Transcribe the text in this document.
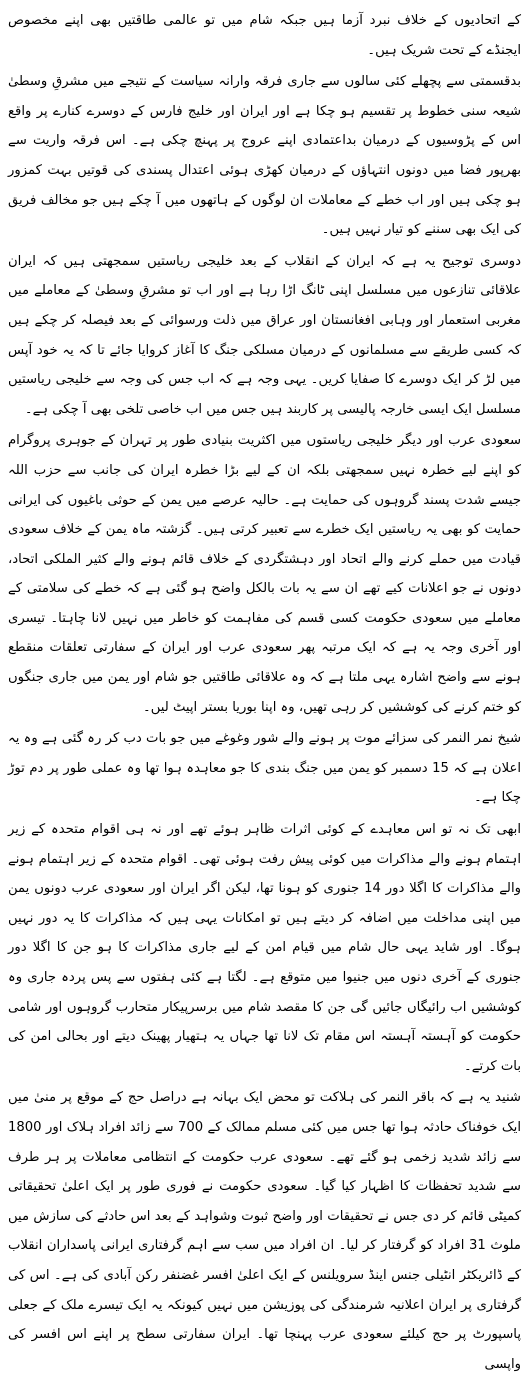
کے اتحادیوں کے خلاف نبرد آزما ہیں جبکہ شام میں تو عالمی طاقتیں بھی اپنے مخصوص ایجنڈے کے تحت شریک ہیں۔

بدقسمتی سے پچھلے کئی سالوں سے جاری فرقہ وارانہ سیاست کے نتیجے میں مشرقِ وسطیٰ شیعہ سنی خطوط پر تقسیم ہو چکا ہے اور ایران اور خلیج فارس کے دوسرے کنارے پر واقع اس کے پڑوسیوں کے درمیان بداعتمادی اپنے عروج پر پہنچ چکی ہے۔ اس فرقہ واریت سے بھرپور فضا میں دونوں انتہاؤں کے درمیان کھڑی ہوئی اعتدال پسندی کی قوتیں بہت کمزور ہو چکی ہیں اور اب خطے کے معاملات ان لوگوں کے ہاتھوں میں آ چکے ہیں جو مخالف فریق کی ایک بھی سننے کو تیار نہیں ہیں۔

دوسری توجیح یہ ہے کہ ایران کے انقلاب کے بعد خلیجی ریاستیں سمجھتی ہیں کہ ایران علاقائی تنازعوں میں مسلسل اپنی ٹانگ اڑا رہا ہے اور اب تو مشرقِ وسطیٰ کے معاملے میں مغربی استعمار اور وہابی افغانستان اور عراق میں ذلت ورسوائی کے بعد فیصلہ کر چکے ہیں کہ کسی طریقے سے مسلمانوں کے درمیان مسلکی جنگ کا آغاز کروایا جائے تا کہ یہ خود آپس میں لڑ کر ایک دوسرے کا صفایا کریں۔ یہی وجہ ہے کہ اب جس کی وجہ سے خلیجی ریاستیں مسلسل ایک ایسی خارجہ پالیسی پر کاربند ہیں جس میں اب خاصی تلخی بھی آ چکی ہے۔

سعودی عرب اور دیگر خلیجی ریاستوں میں اکثریت بنیادی طور پر تہران کے جوہری پروگرام کو اپنے لیے خطرہ نہیں سمجھتی بلکہ ان کے لیے بڑا خطرہ ایران کی جانب سے حزب اللہ جیسے شدت پسند گروہوں کی حمایت ہے۔ حالیہ عرصے میں یمن کے حوثی باغیوں کی ایرانی حمایت کو بھی یہ ریاستیں ایک خطرے سے تعبیر کرتی ہیں۔ گزشتہ ماہ یمن کے خلاف سعودی قیادت میں حملے کرنے والے اتحاد اور دہشتگردی کے خلاف قائم ہونے والے کثیر الملکی اتحاد، دونوں نے جو اعلانات کیے تھے ان سے یہ بات بالکل واضح ہو گئی ہے کہ خطے کی سلامتی کے معاملے میں سعودی حکومت کسی قسم کی مفاہمت کو خاطر میں نہیں لانا چاہتا۔ تیسری اور آخری وجہ یہ ہے کہ ایک مرتبہ پھر سعودی عرب اور ایران کے سفارتی تعلقات منقطع ہونے سے واضح اشارہ یہی ملتا ہے کہ وہ علاقائی طاقتیں جو شام اور یمن میں جاری جنگوں کو ختم کرنے کی کوششیں کر رہی تھیں، وہ اپنا بوریا بستر اپیٹ لیں۔

شیخ نمر النمر کی سزائے موت پر ہونے والے شور وغوغے میں جو بات دب کر رہ گئی ہے وہ یہ اعلان ہے کہ 15 دسمبر کو یمن میں جنگ بندی کا جو معاہدہ ہوا تھا وہ عملی طور پر دم توڑ چکا ہے۔

ابھی تک نہ تو اس معاہدے کے کوئی اثرات ظاہر ہوئے تھے اور نہ ہی اقوام متحدہ کے زیر اہتمام ہونے والے مذاکرات میں کوئی پیش رفت ہوئی تھی۔ اقوام متحدہ کے زیر اہتمام ہونے والے مذاکرات کا اگلا دور 14 جنوری کو ہونا تھا، لیکن اگر ایران اور سعودی عرب دونوں یمن میں اپنی مداخلت میں اضافہ کر دیتے ہیں تو امکانات یہی ہیں کہ مذاکرات کا یہ دور نہیں ہوگا۔ اور شاید یہی حال شام میں قیام امن کے لیے جاری مذاکرات کا ہو جن کا اگلا دور جنوری کے آخری دنوں میں جنیوا میں متوقع ہے۔ لگتا ہے کئی ہفتوں سے پس پردہ جاری وہ کوششیں اب رائیگاں جائیں گی جن کا مقصد شام میں برسرپیکار متحارب گروہوں اور شامی حکومت کو آہستہ آہستہ اس مقام تک لانا تھا جہاں یہ ہتھیار پھینک دیتے اور بحالی امن کی بات کرتے۔

شنید یہ ہے کہ باقر النمر کی ہلاکت تو محض ایک بہانہ ہے دراصل حج کے موقع پر منیٰ میں ایک خوفناک حادثہ ہوا تھا جس میں کئی مسلم ممالک کے 700 سے زائد افراد ہلاک اور 1800 سے زائد شدید زخمی ہو گئے تھے۔ سعودی عرب حکومت کے انتظامی معاملات پر ہر طرف سے شدید تحفظات کا اظہار کیا گیا۔ سعودی حکومت نے فوری طور پر ایک اعلیٰ تحقیقاتی کمیٹی قائم کر دی جس نے تحقیقات اور واضح ثبوت وشواہد کے بعد اس حادثے کی سازش میں ملوث 31 افراد کو گرفتار کر لیا۔ ان افراد میں سب سے اہم گرفتاری ایرانی پاسداران انقلاب کے ڈائریکٹر انٹیلی جنس اینڈ سرویلنس کے ایک اعلیٰ افسر غضنفر رکن آبادی کی ہے۔ اس کی گرفتاری پر ایران اعلانیہ شرمندگی کی پوزیشن میں نہیں کیونکہ یہ ایک تیسرے ملک کے جعلی پاسپورٹ پر حج کیلئے سعودی عرب پہنچا تھا۔ ایران سفارتی سطح پر اپنے اس افسر کی واپسی
